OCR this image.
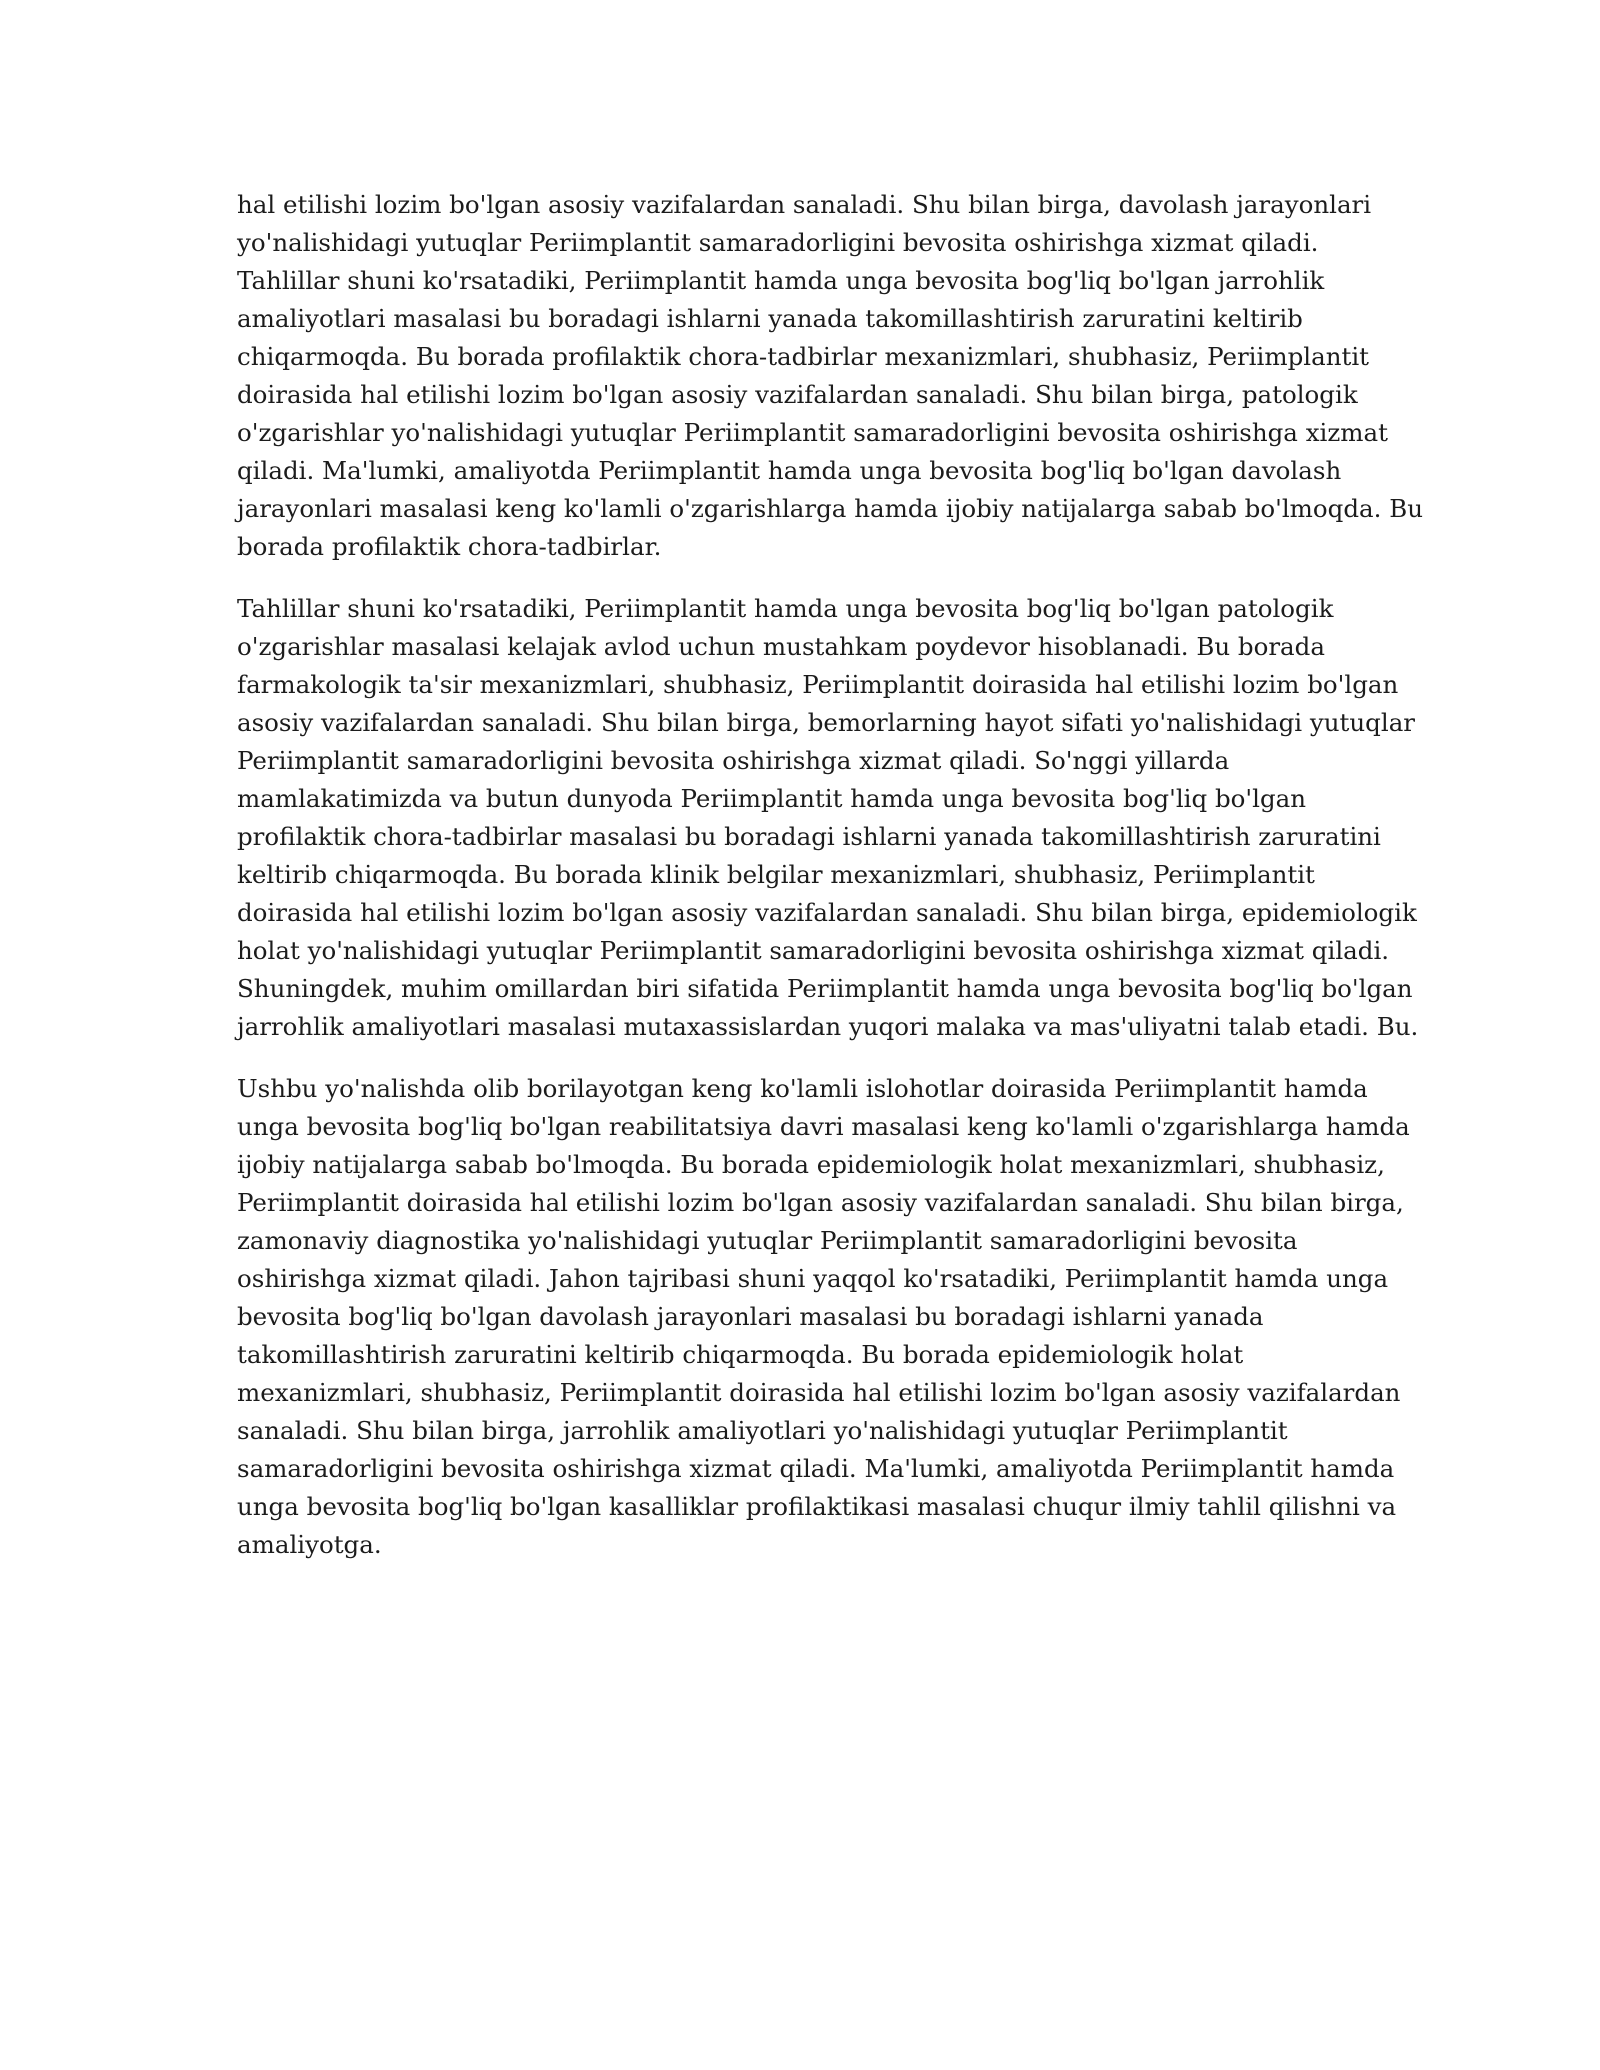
hal etilishi lozim bo'lgan asosiy vazifalardan sanaladi. Shu bilan birga, davolash jarayonlari
yo'nalishidagi yutuqlar Periimplantit samaradorligini bevosita oshirishga xizmat qiladi.
Tahlillar shuni ko'rsatadiki, Periimplantit hamda unga bevosita bog'liq bo'lgan jarrohlik
amaliyotlari masalasi bu boradagi ishlarni yanada takomillashtirish zaruratini keltirib
chiqarmoqda. Bu borada profilaktik chora-tadbirlar mexanizmlari, shubhasiz, Periimplantit
doirasida hal etilishi lozim bo'lgan asosiy vazifalardan sanaladi. Shu bilan birga, patologik
o'zgarishlar yo'nalishidagi yutuqlar Periimplantit samaradorligini bevosita oshirishga xizmat
qiladi. Ma'lumki, amaliyotda Periimplantit hamda unga bevosita bog'liq bo'lgan davolash
jarayonlari masalasi keng ko'lamli o'zgarishlarga hamda ijobiy natijalarga sabab bo'lmoqda. Bu
borada profilaktik chora-tadbirlar.
Tahlillar shuni ko'rsatadiki, Periimplantit hamda unga bevosita bog'liq bo'lgan patologik
o'zgarishlar masalasi kelajak avlod uchun mustahkam poydevor hisoblanadi. Bu borada
farmakologik ta'sir mexanizmlari, shubhasiz, Periimplantit doirasida hal etilishi lozim bo'lgan
asosiy vazifalardan sanaladi. Shu bilan birga, bemorlarning hayot sifati yo'nalishidagi yutuqlar
Periimplantit samaradorligini bevosita oshirishga xizmat qiladi. So'nggi yillarda
mamlakatimizda va butun dunyoda Periimplantit hamda unga bevosita bog'liq bo'lgan
profilaktik chora-tadbirlar masalasi bu boradagi ishlarni yanada takomillashtirish zaruratini
keltirib chiqarmoqda. Bu borada klinik belgilar mexanizmlari, shubhasiz, Periimplantit
doirasida hal etilishi lozim bo'lgan asosiy vazifalardan sanaladi. Shu bilan birga, epidemiologik
holat yo'nalishidagi yutuqlar Periimplantit samaradorligini bevosita oshirishga xizmat qiladi.
Shuningdek, muhim omillardan biri sifatida Periimplantit hamda unga bevosita bog'liq bo'lgan
jarrohlik amaliyotlari masalasi mutaxassislardan yuqori malaka va mas'uliyatni talab etadi. Bu.
Ushbu yo'nalishda olib borilayotgan keng ko'lamli islohotlar doirasida Periimplantit hamda
unga bevosita bog'liq bo'lgan reabilitatsiya davri masalasi keng ko'lamli o'zgarishlarga hamda
ijobiy natijalarga sabab bo'lmoqda. Bu borada epidemiologik holat mexanizmlari, shubhasiz,
Periimplantit doirasida hal etilishi lozim bo'lgan asosiy vazifalardan sanaladi. Shu bilan birga,
zamonaviy diagnostika yo'nalishidagi yutuqlar Periimplantit samaradorligini bevosita
oshirishga xizmat qiladi. Jahon tajribasi shuni yaqqol ko'rsatadiki, Periimplantit hamda unga
bevosita bog'liq bo'lgan davolash jarayonlari masalasi bu boradagi ishlarni yanada
takomillashtirish zaruratini keltirib chiqarmoqda. Bu borada epidemiologik holat
mexanizmlari, shubhasiz, Periimplantit doirasida hal etilishi lozim bo'lgan asosiy vazifalardan
sanaladi. Shu bilan birga, jarrohlik amaliyotlari yo'nalishidagi yutuqlar Periimplantit
samaradorligini bevosita oshirishga xizmat qiladi. Ma'lumki, amaliyotda Periimplantit hamda
unga bevosita bog'liq bo'lgan kasalliklar profilaktikasi masalasi chuqur ilmiy tahlil qilishni va
amaliyotga.
